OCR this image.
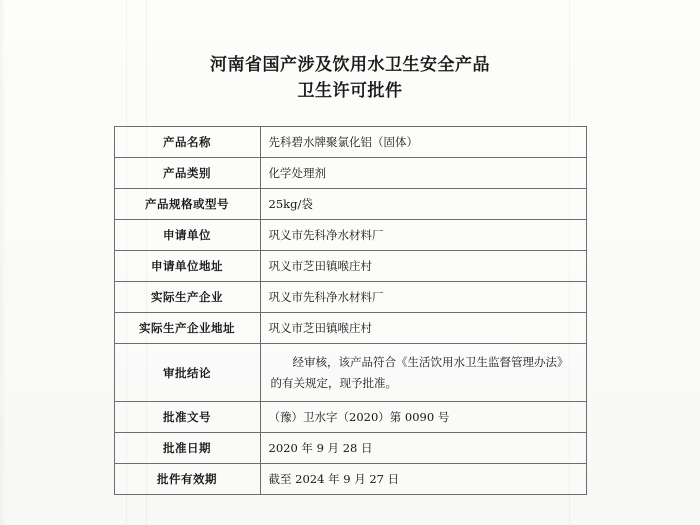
河南省国产涉及饮用水卫生安全产品
卫生许可批件
产品名称	先科碧水牌聚氯化铝（固体）
产品类别	化学处理剂
产品规格或型号	25kg/袋
申请单位	巩义市先科净水材料厂
申请单位地址	巩义市芝田镇喉庄村
实际生产企业	巩义市先科净水材料厂
实际生产企业地址	巩义市芝田镇喉庄村
审批结论	经审核，该产品符合《生活饮用水卫生监督管理办法》的有关规定，现予批准。
批准文号	（豫）卫水字（2020）第 0090 号
批准日期	2020 年 9 月 28 日
批件有效期	截至 2024 年 9 月 27 日
